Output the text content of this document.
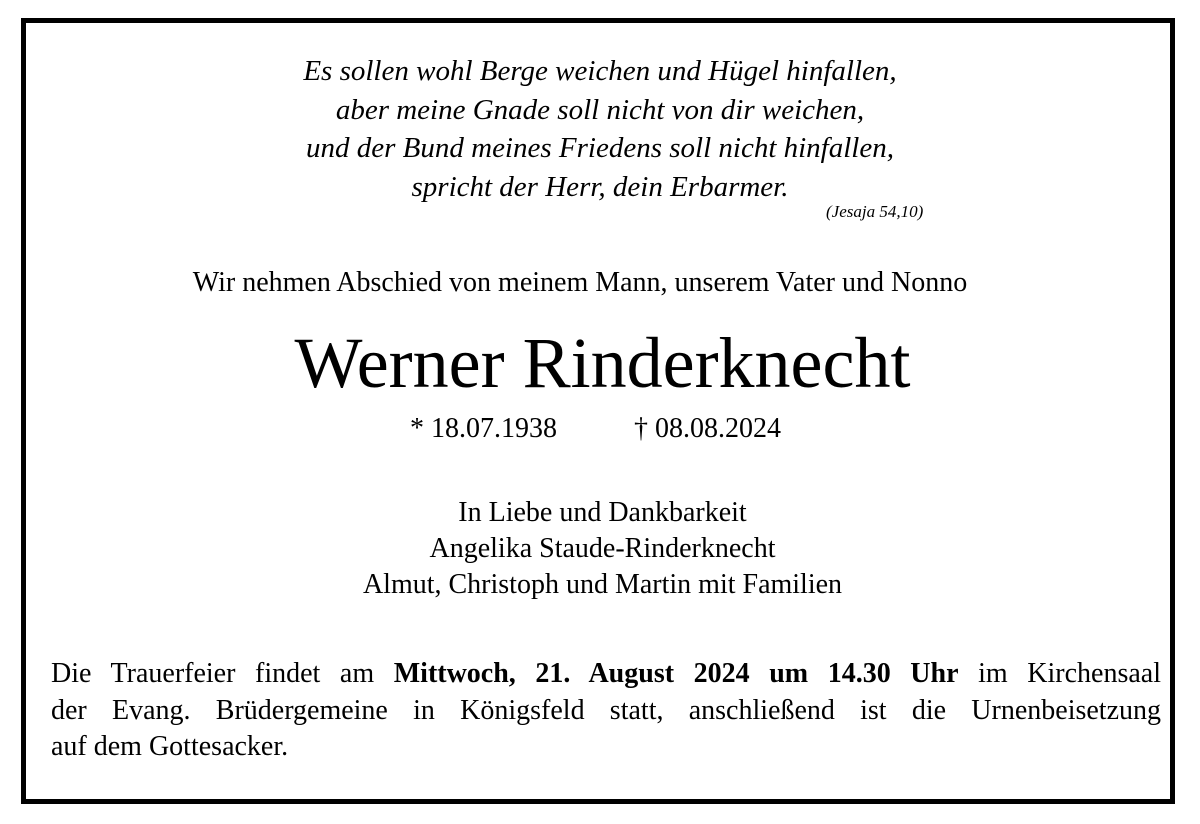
Es sollen wohl Berge weichen und Hügel hinfallen,
aber meine Gnade soll nicht von dir weichen,
und der Bund meines Friedens soll nicht hinfallen,
spricht der Herr, dein Erbarmer.
(Jesaja 54,10)
Wir nehmen Abschied von meinem Mann, unserem Vater und Nonno
Werner Rinderknecht
* 18.07.1938	† 08.08.2024
In Liebe und Dankbarkeit
Angelika Staude-Rinderknecht
Almut, Christoph und Martin mit Familien
Die Trauerfeier findet am Mittwoch, 21. August 2024 um 14.30 Uhr im Kirchensaal
der Evang. Brüdergemeine in Königsfeld statt, anschließend ist die Urnenbeisetzung
auf dem Gottesacker.
